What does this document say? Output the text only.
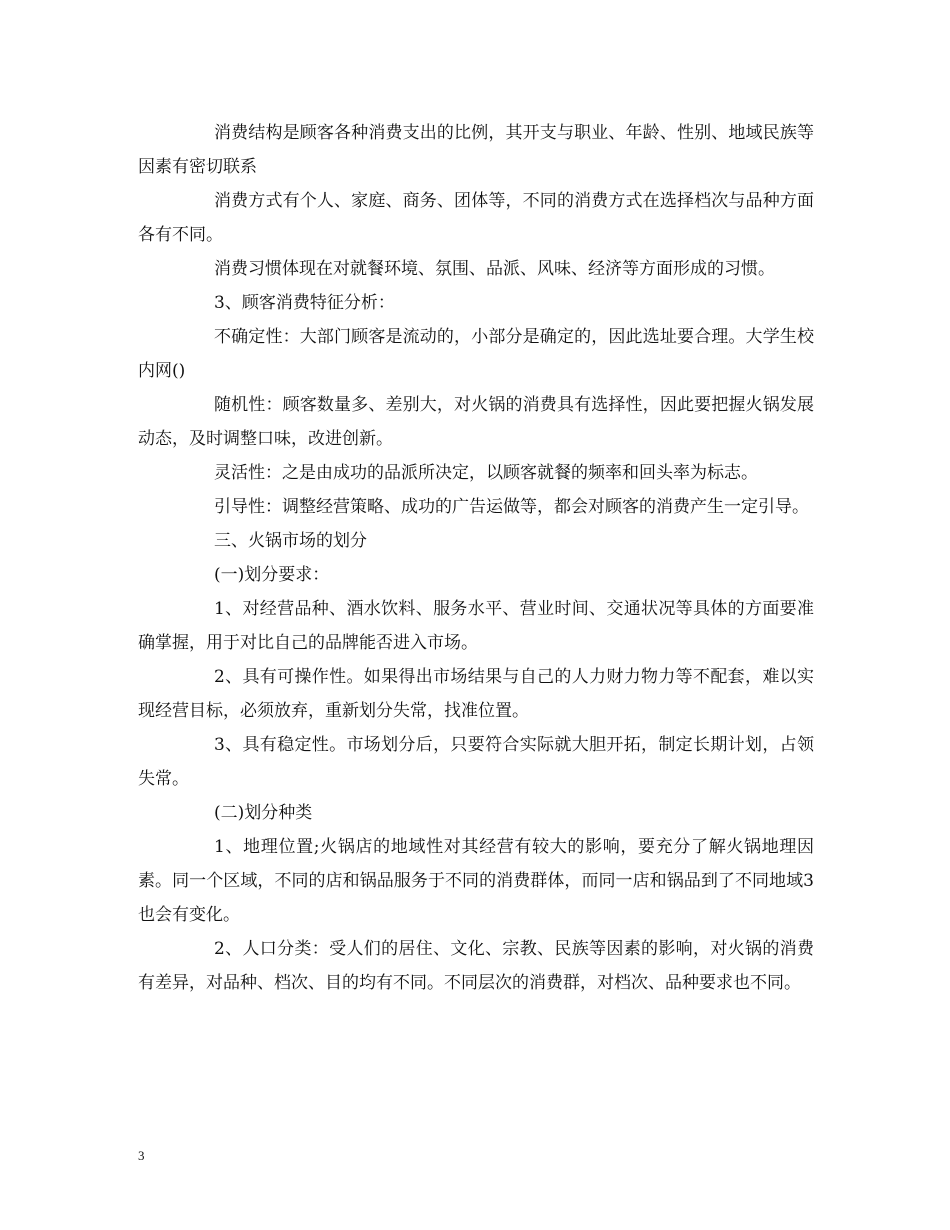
消费结构是顾客各种消费支出的比例，其开支与职业、年龄、性别、地域民族等因素有密切联系

消费方式有个人、家庭、商务、团体等，不同的消费方式在选择档次与品种方面各有不同。

消费习惯体现在对就餐环境、氛围、品派、风味、经济等方面形成的习惯。

3、顾客消费特征分析：

不确定性：大部门顾客是流动的，小部分是确定的，因此选址要合理。大学生校内网()

随机性：顾客数量多、差别大，对火锅的消费具有选择性，因此要把握火锅发展动态，及时调整口味，改进创新。

灵活性：之是由成功的品派所决定，以顾客就餐的频率和回头率为标志。

引导性：调整经营策略、成功的广告运做等，都会对顾客的消费产生一定引导。

三、火锅市场的划分

(一)划分要求：

1、对经营品种、酒水饮料、服务水平、营业时间、交通状况等具体的方面要准确掌握，用于对比自己的品牌能否进入市场。

2、具有可操作性。如果得出市场结果与自己的人力财力物力等不配套，难以实现经营目标，必须放弃，重新划分失常，找准位置。

3、具有稳定性。市场划分后，只要符合实际就大胆开拓，制定长期计划，占领失常。

(二)划分种类

1、地理位置;火锅店的地域性对其经营有较大的影响，要充分了解火锅地理因素。同一个区域，不同的店和锅品服务于不同的消费群体，而同一店和锅品到了不同地域3也会有变化。

2、人口分类：受人们的居住、文化、宗教、民族等因素的影响，对火锅的消费有差异，对品种、档次、目的均有不同。不同层次的消费群，对档次、品种要求也不同。

3
